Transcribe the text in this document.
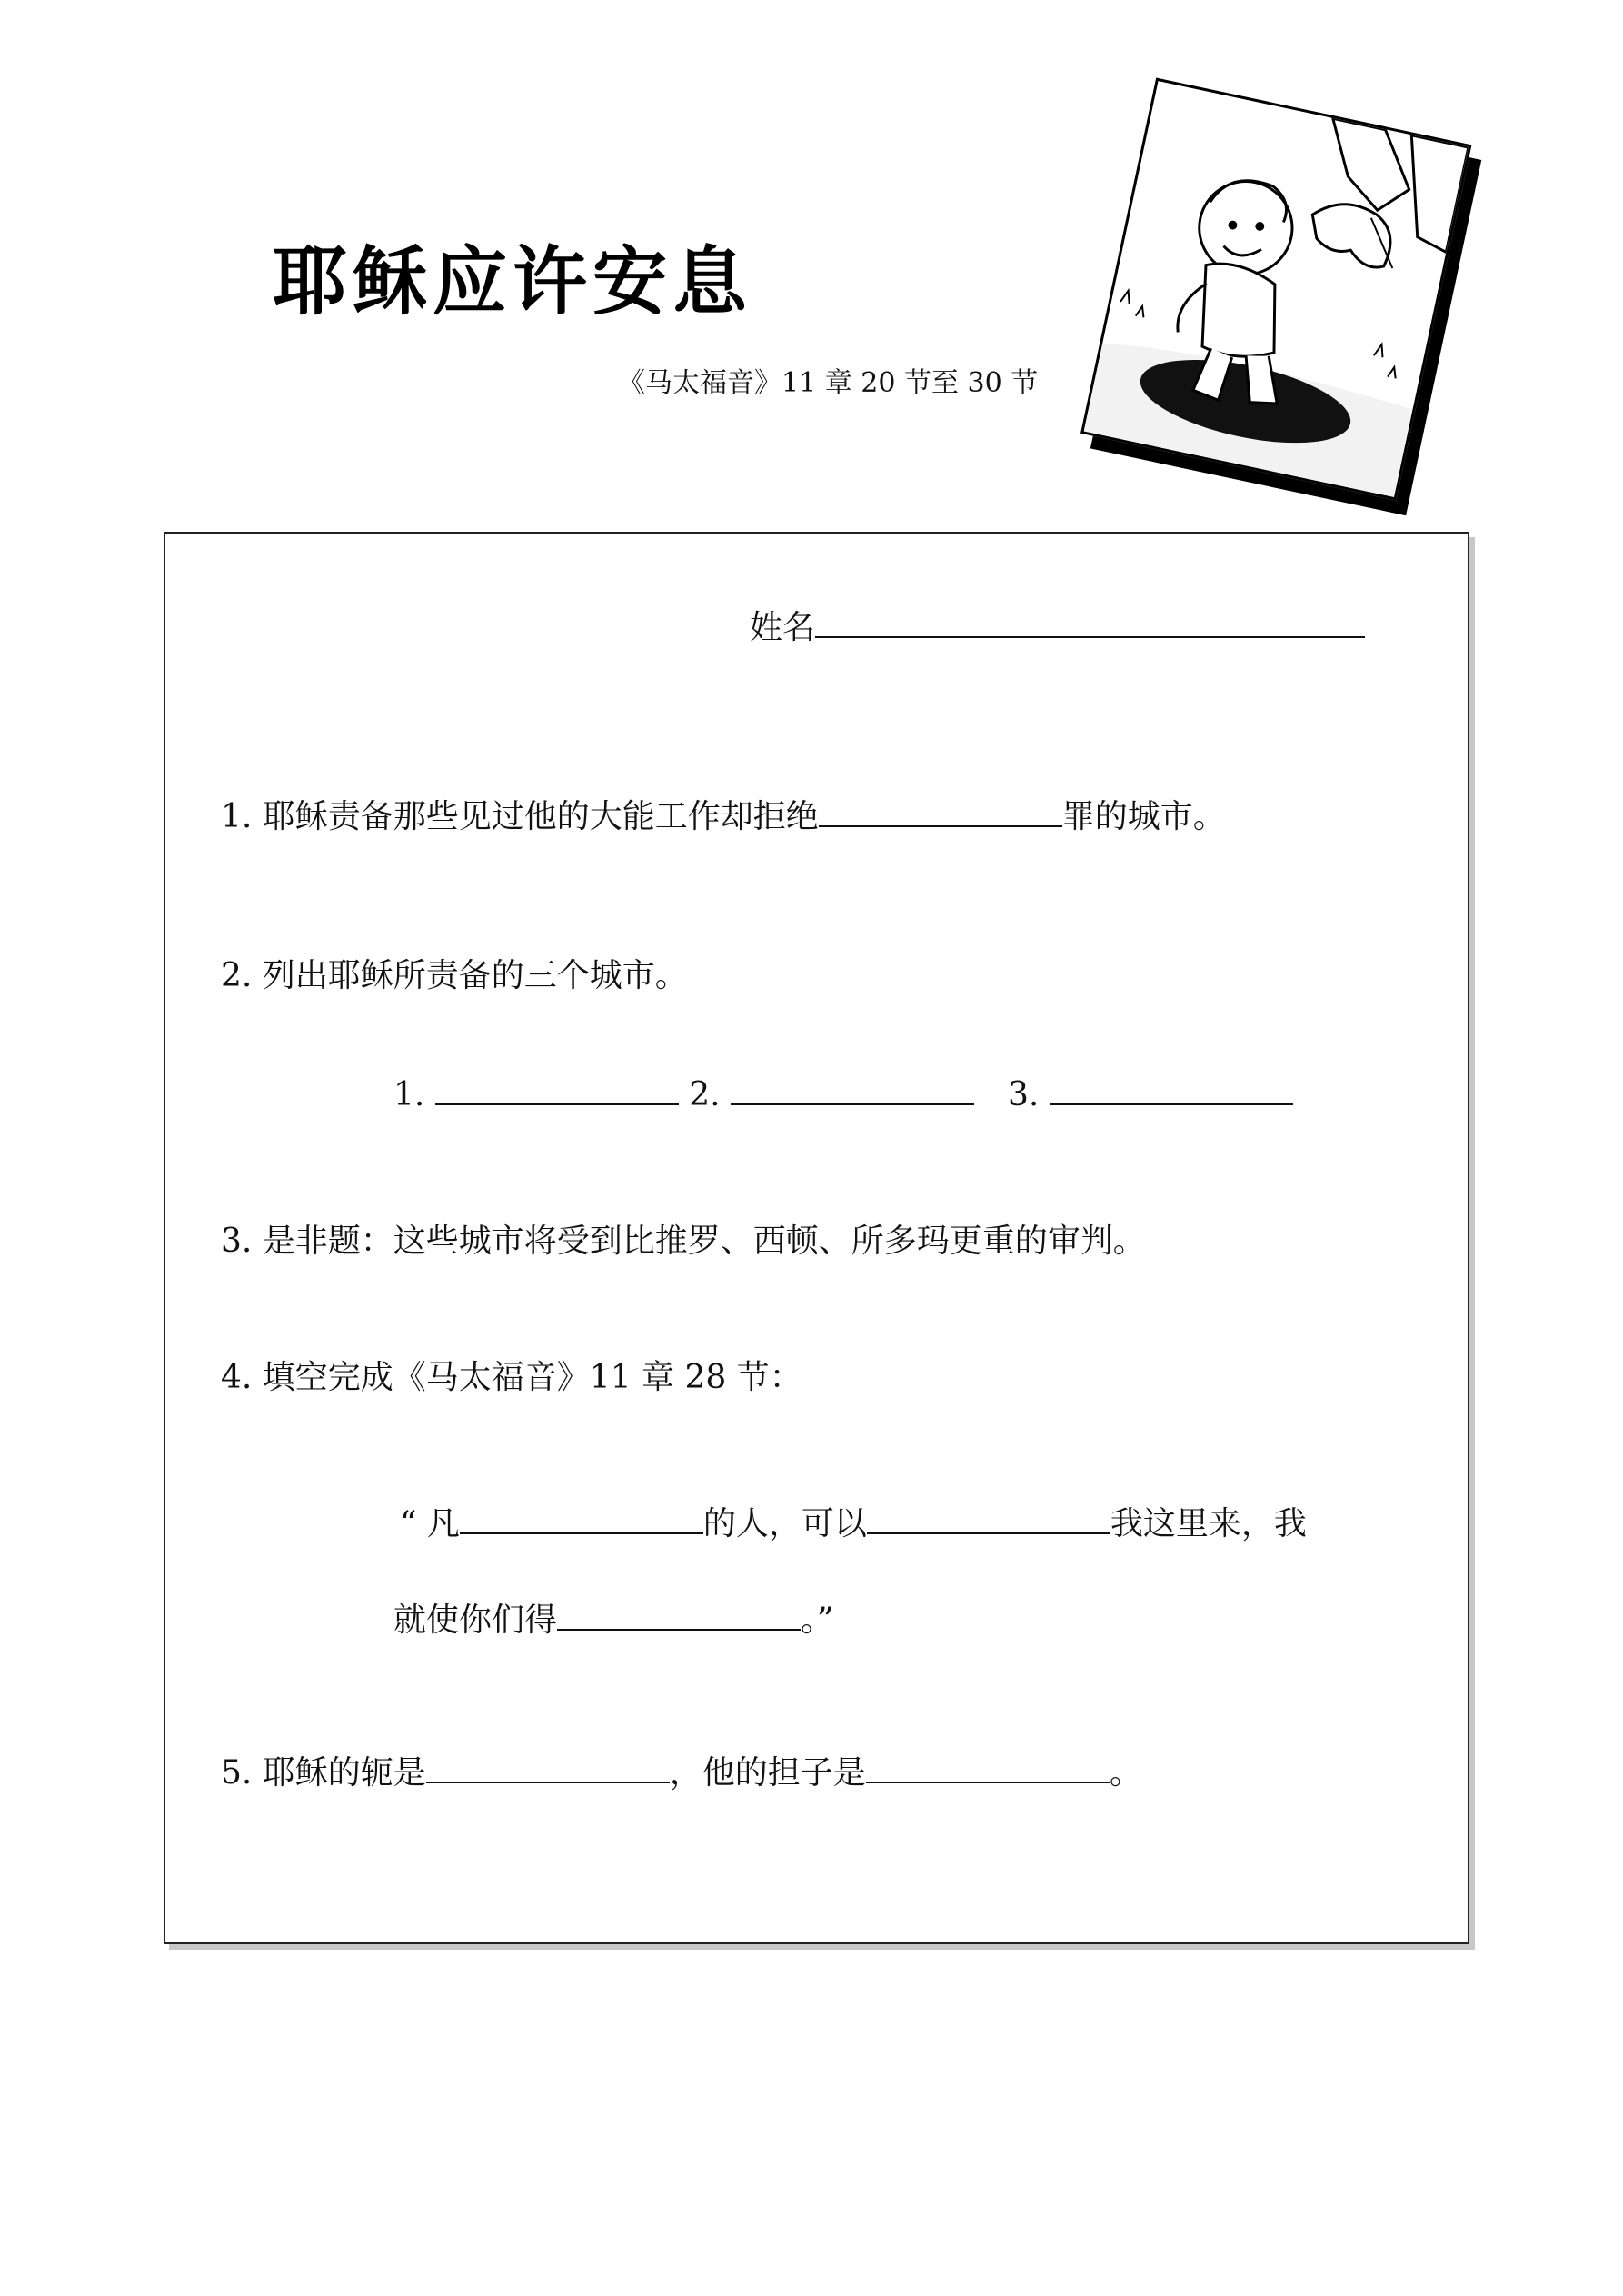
耶稣应许安息
《马太福音》11 章 20 节至 30 节
姓名
1. 耶稣责备那些见过他的大能工作却拒绝	罪的城市。
2. 列出耶稣所责备的三个城市。
1.	2.	3.
3. 是非题：这些城市将受到比推罗、西顿、所多玛更重的审判。
4. 填空完成《马太福音》11 章 28 节：
“ 凡	的人，可以	我这里来，我
就使你们得	。”
5. 耶稣的轭是	，他的担子是	。
